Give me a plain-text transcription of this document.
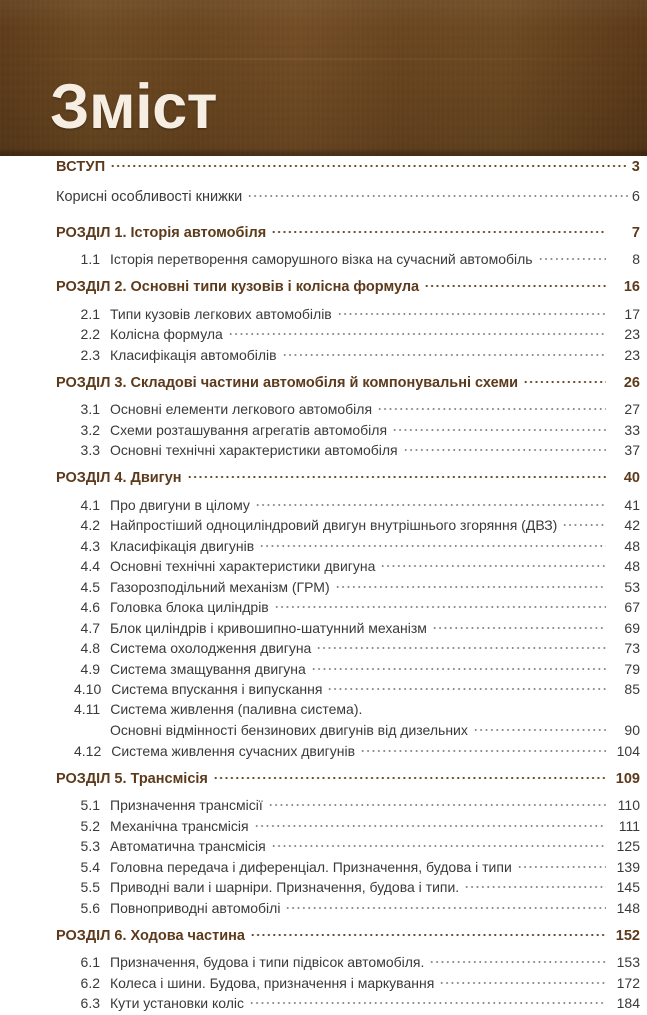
Зміст
ВСТУП	3
Корисні особливості книжки	6
РОЗДІЛ 1. Історія автомобіля	7
1.1 Історія перетворення саморушного візка на сучасний автомобіль	8
РОЗДІЛ 2. Основні типи кузовів і колісна формула	16
2.1 Типи кузовів легкових автомобілів	17
2.2 Колісна формула	23
2.3 Класифікація автомобілів	23
РОЗДІЛ 3. Складові частини автомобіля й компонувальні схеми	26
3.1 Основні елементи легкового автомобіля	27
3.2 Схеми розташування агрегатів автомобіля	33
3.3 Основні технічні характеристики автомобіля	37
РОЗДІЛ 4. Двигун	40
4.1 Про двигуни в цілому	41
4.2 Найпростіший одноциліндровий двигун внутрішнього згоряння (ДВЗ)	42
4.3 Класифікація двигунів	48
4.4 Основні технічні характеристики двигуна	48
4.5 Газорозподільний механізм (ГРМ)	53
4.6 Головка блока циліндрів	67
4.7 Блок циліндрів і кривошипно-шатунний механізм	69
4.8 Система охолодження двигуна	73
4.9 Система змащування двигуна	79
4.10 Система впускання і випускання	85
4.11 Система живлення (паливна система).
Основні відмінності бензинових двигунів від дизельних	90
4.12 Система живлення сучасних двигунів	104
РОЗДІЛ 5. Трансмісія	109
5.1 Призначення трансмісії	110
5.2 Механічна трансмісія	111
5.3 Автоматична трансмісія	125
5.4 Головна передача і диференціал. Призначення, будова і типи	139
5.5 Приводні вали і шарніри. Призначення, будова і типи.	145
5.6 Повноприводні автомобілі	148
РОЗДІЛ 6. Ходова частина	152
6.1 Призначення, будова і типи підвісок автомобіля.	153
6.2 Колеса і шини. Будова, призначення і маркування	172
6.3 Кути установки коліс	184
